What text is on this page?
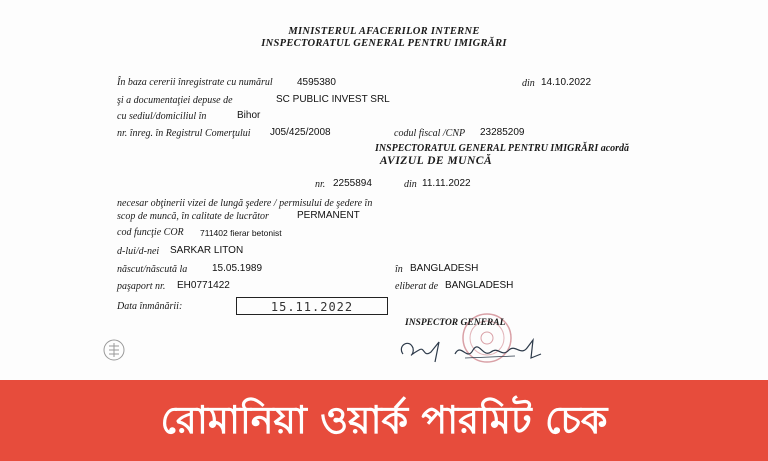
MINISTERUL AFACERILOR INTERNE
INSPECTORATUL GENERAL PENTRU IMIGRĂRI
În baza cererii înregistrate cu numărul 4595380	din 14.10.2022
şi a documentaţiei depuse de	SC PUBLIC INVEST SRL
cu sediul/domiciliul în	Bihor
nr. înreg. în Registrul Comerţului J05/425/2008	codul fiscal /CNP 23285209
INSPECTORATUL GENERAL PENTRU IMIGRĂRI acordă
AVIZUL DE MUNCĂ
nr. 2255894	din 11.11.2022
necesar obţinerii vizei de lungă şedere / permisului de şedere în
scop de muncă, în calitate de lucrător	PERMANENT
cod funcţie COR 711402 fierar betonist
d-lui/d-nei SARKAR LITON
născut/născută la 15.05.1989	în BANGLADESH
paşaport nr. EH0771422	eliberat de BANGLADESH
Data înmânării:	15.11.2022
INSPECTOR GENERAL
রোমানিয়া ওয়ার্ক পারমিট চেক
